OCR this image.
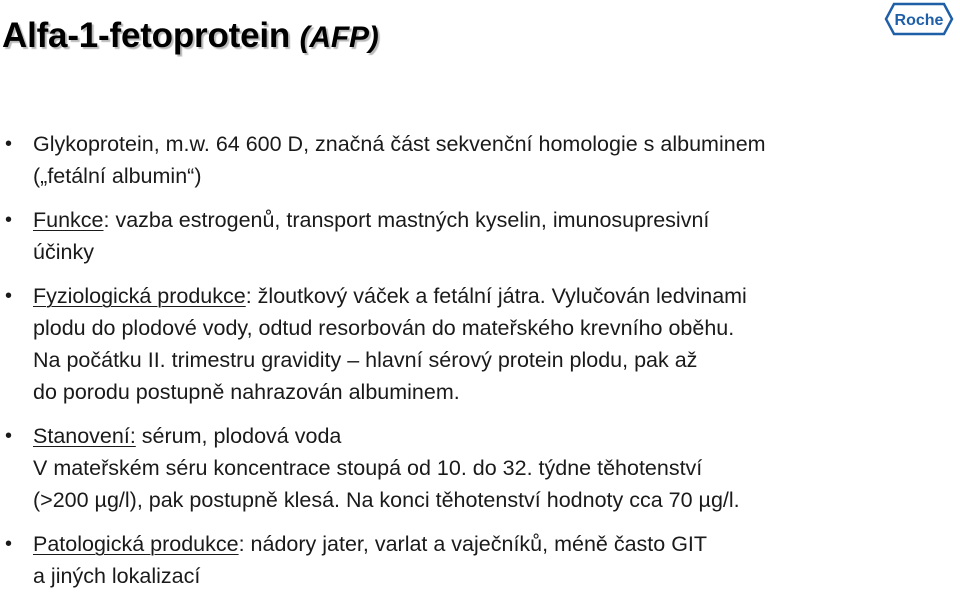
Alfa-1-fetoprotein (AFP)
Roche
• Glykoprotein, m.w. 64 600 D, značná část sekvenční homologie s albuminem
(„fetální albumin“)
• Funkce: vazba estrogenů, transport mastných kyselin, imunosupresivní
účinky
• Fyziologická produkce: žloutkový váček a fetální játra. Vylučován ledvinami
plodu do plodové vody, odtud resorbován do mateřského krevního oběhu.
Na počátku II. trimestru gravidity – hlavní sérový protein plodu, pak až
do porodu postupně nahrazován albuminem.
• Stanovení: sérum, plodová voda
V mateřském séru koncentrace stoupá od 10. do 32. týdne těhotenství
(>200 µg/l), pak postupně klesá. Na konci těhotenství hodnoty cca 70 µg/l.
• Patologická produkce: nádory jater, varlat a vaječníků, méně často GIT
a jiných lokalizací
